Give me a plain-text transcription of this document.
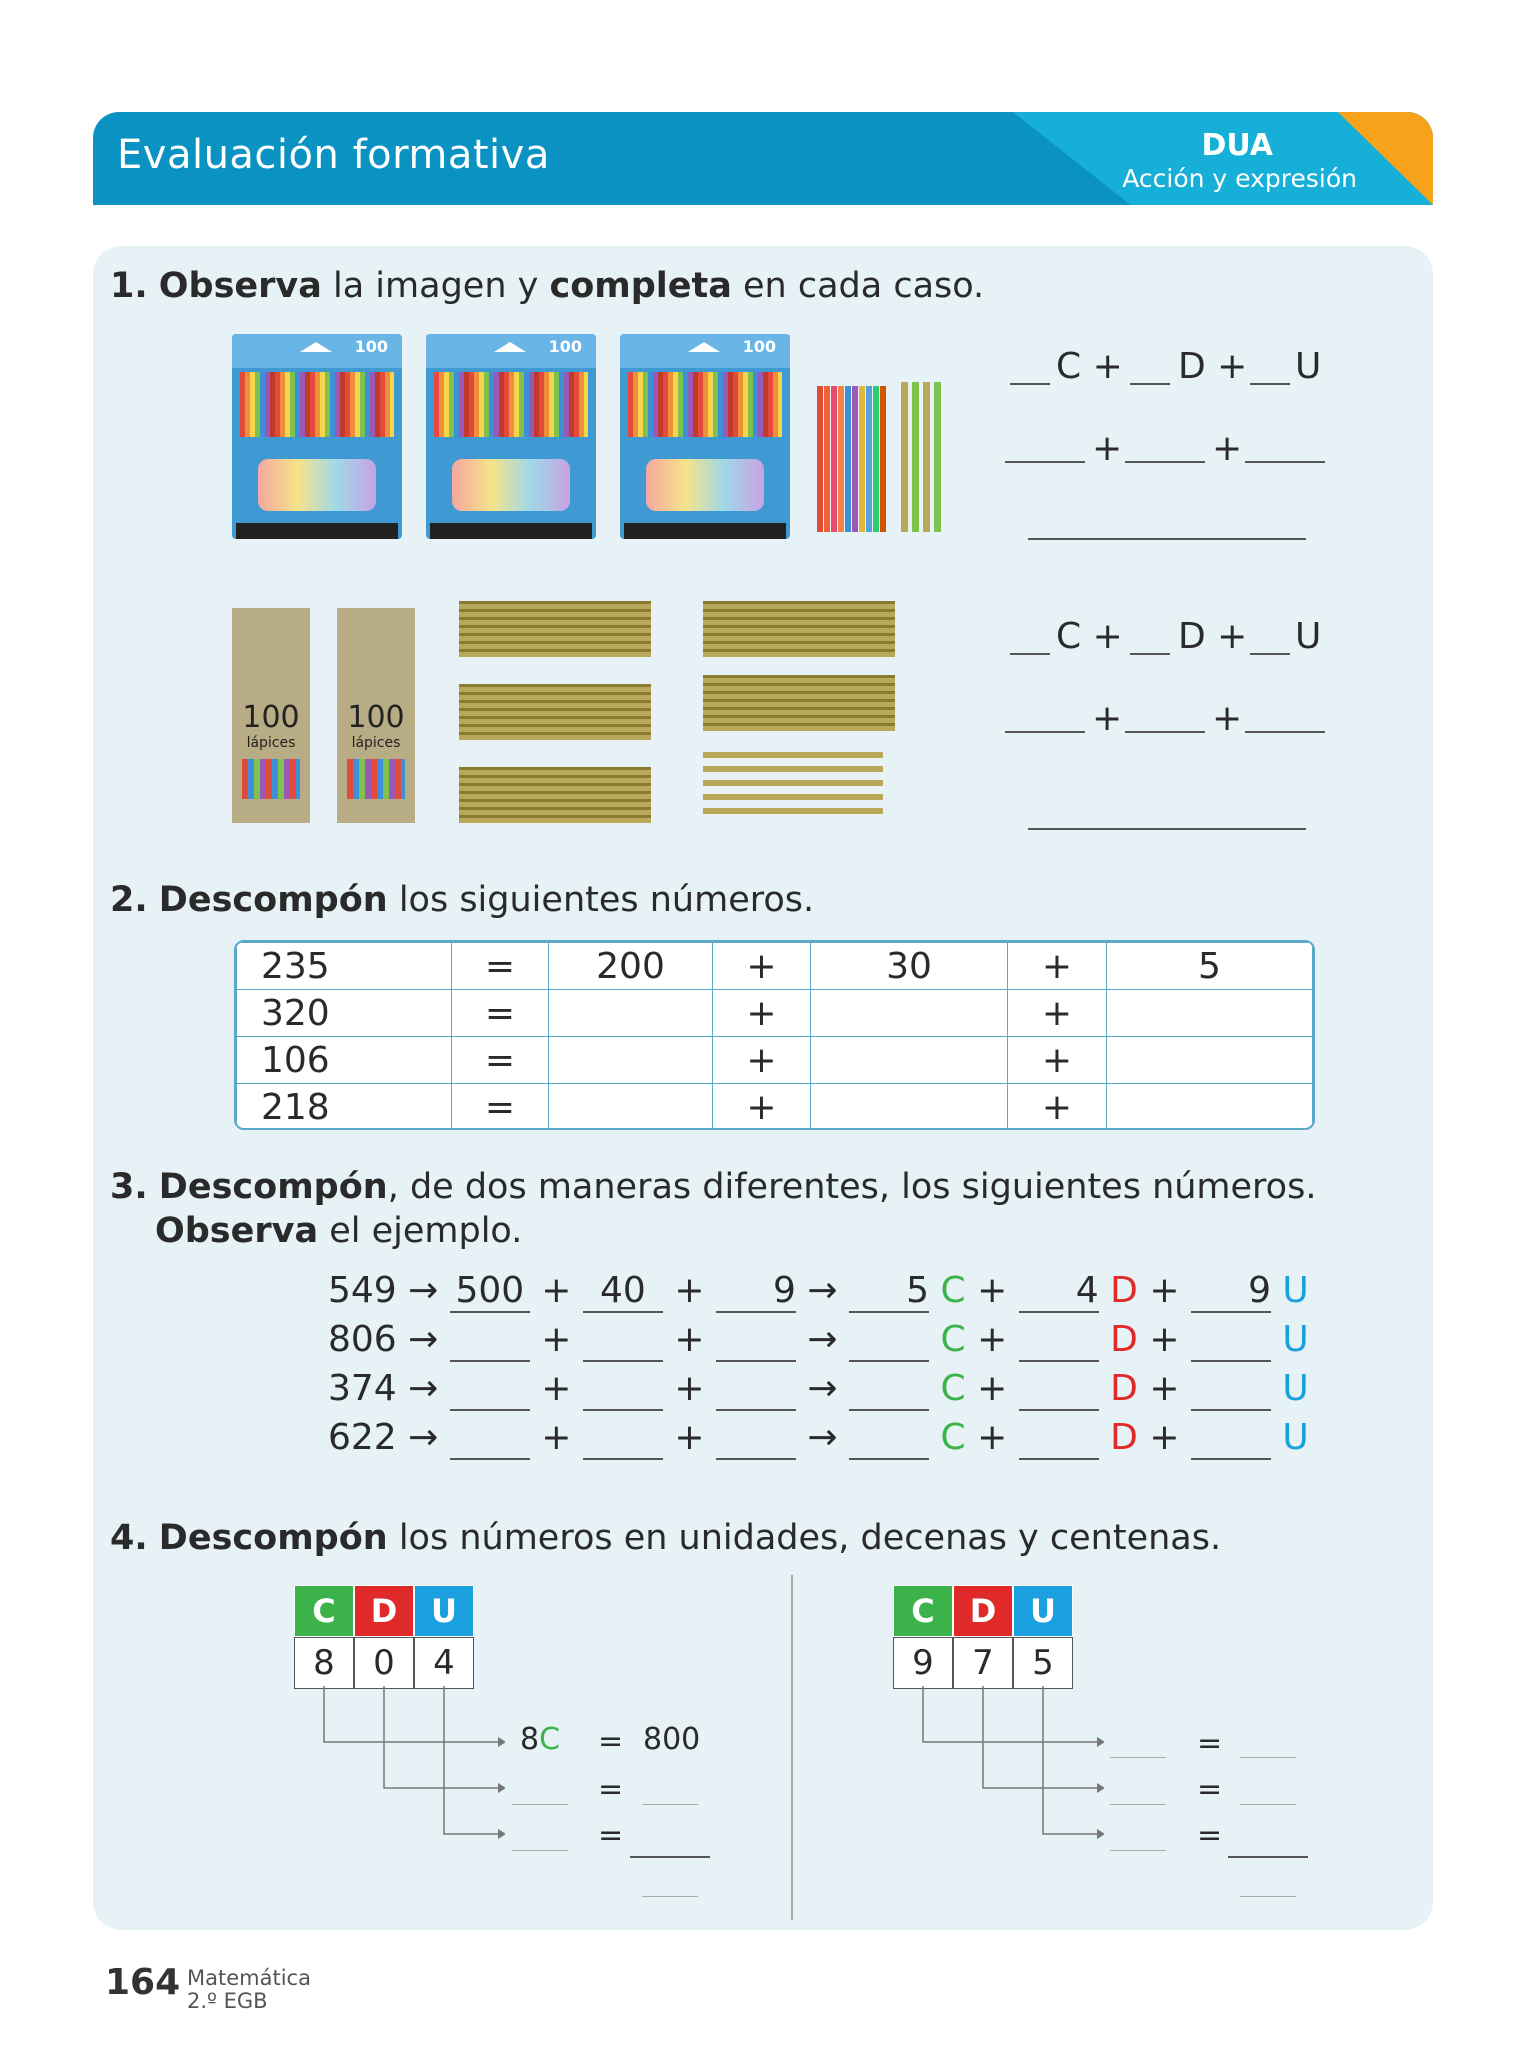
Evaluación formativa	DUA
Acción y expresión
1. Observa la imagen y completa en cada caso.
100	100	100	C + D + U
+ +
100
lápices
100
lápices
C + D + U
+ +
2. Descompón los siguientes números.
235	=	200	+	30	+	5
320	=		+		+	
106	=		+		+	
218	=		+		+	
3. Descompón, de dos maneras diferentes, los siguientes números.
Observa el ejemplo.
549 → 500 + 40 + 9 → 5 C + 4 D + 9 U
806 →	+	+	→	C +	D +	U
374 →	+	+	→	C +	D +	U
622 →	+	+	→	C +	D +	U
4. Descompón los números en unidades, decenas y centenas.
C	D	U
8	0	4
8C = 800
=
=
C	D	U
9	7	5
=
=
=
164 Matemática
2.º EGB
